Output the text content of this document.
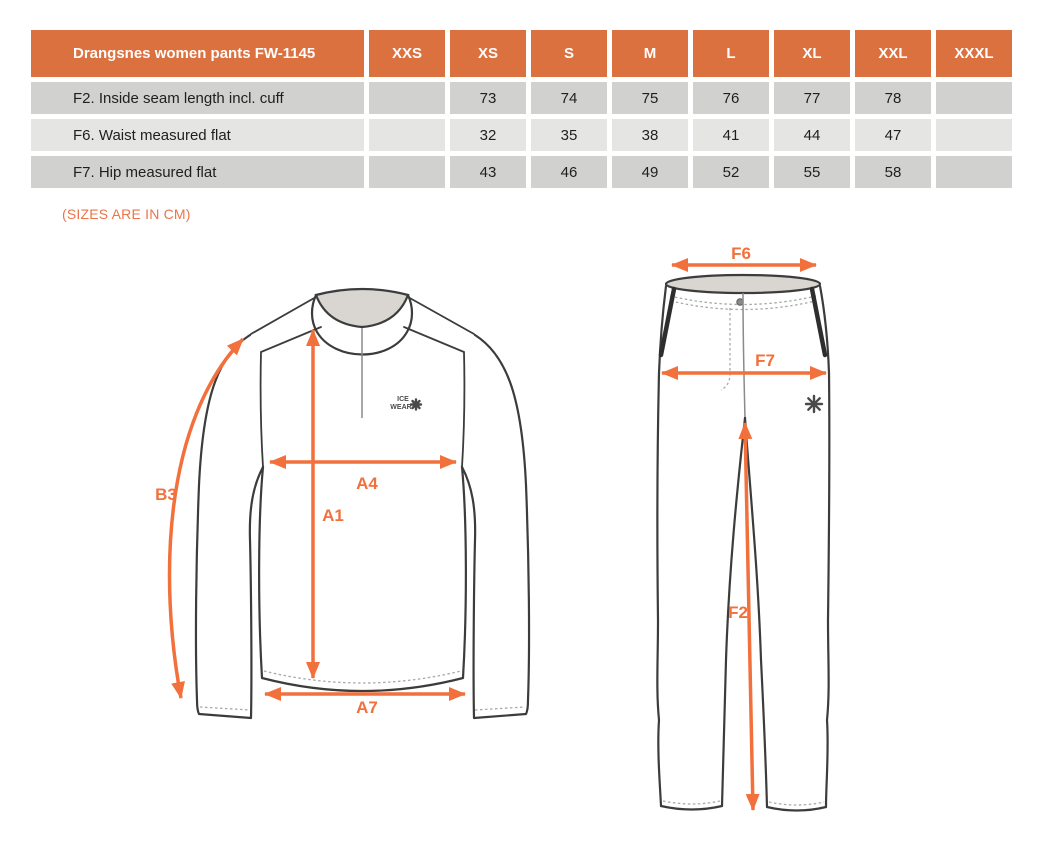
Drangsnes women pants FW-1145	XXS	XS	S	M	L	XL	XXL	XXXL
F2. Inside seam length incl. cuff		73	74	75	76	77	78	
F6. Waist measured flat		32	35	38	41	44	47	
F7. Hip measured flat		43	46	49	52	55	58	
(SIZES ARE IN CM)
ICE
WEAR
B3
A1
A4
A7
F6
F7
F2
